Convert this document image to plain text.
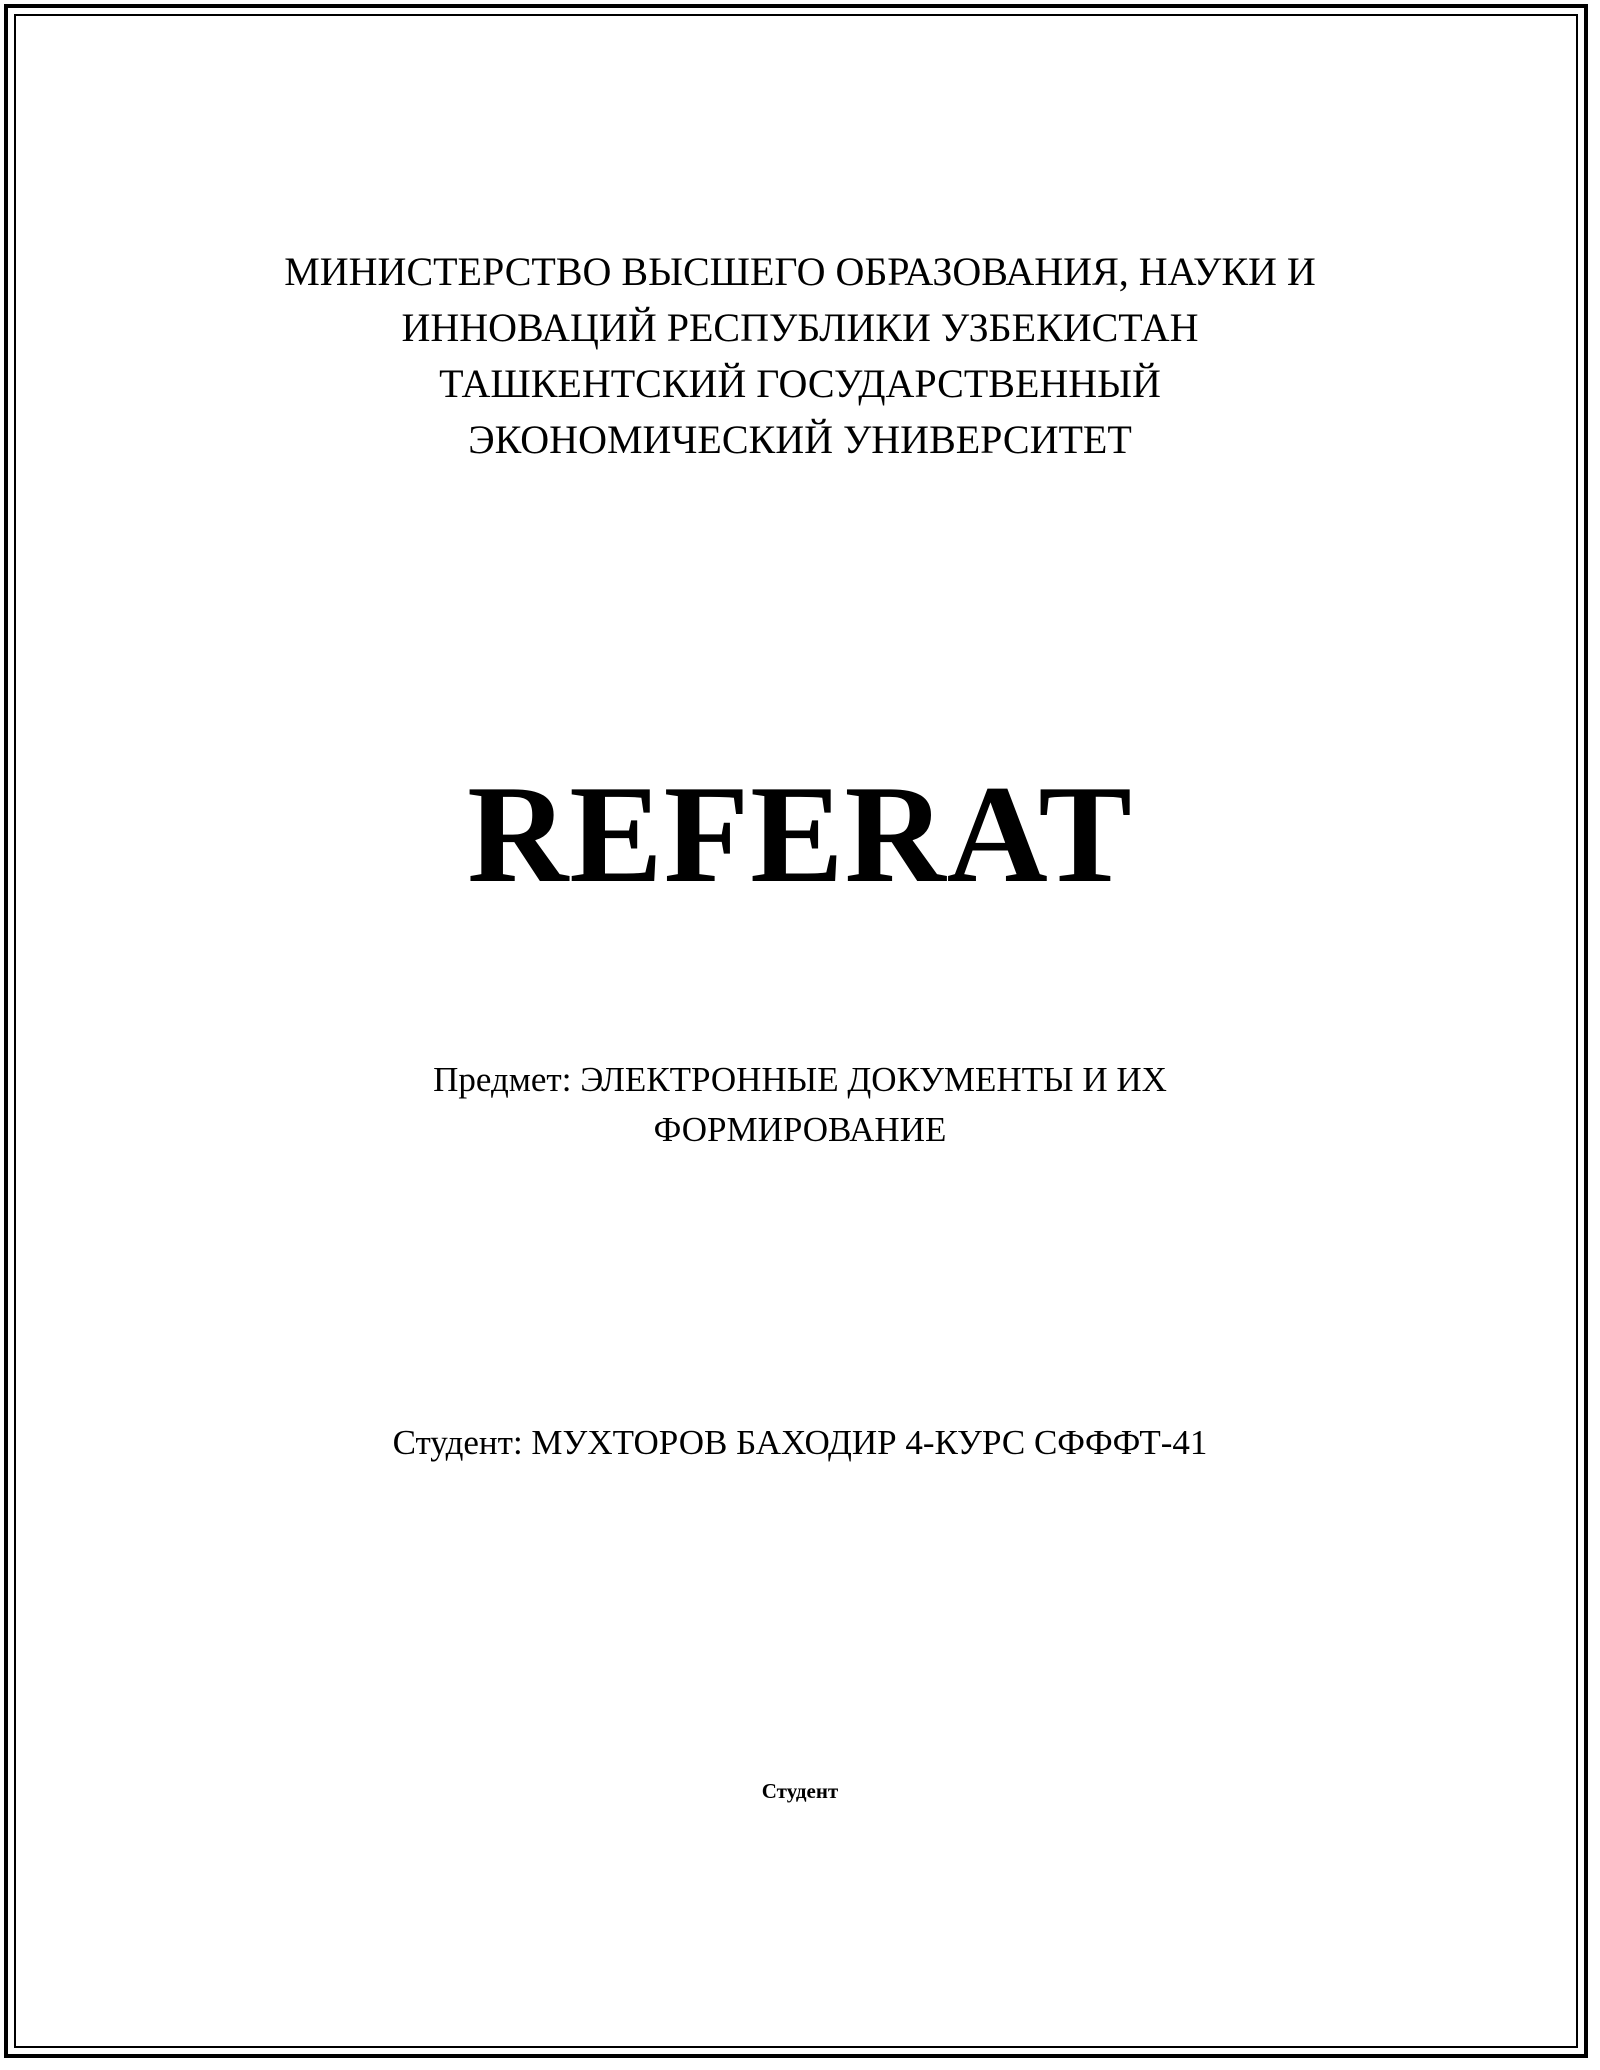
МИНИСТЕРСТВО ВЫСШЕГО ОБРАЗОВАНИЯ, НАУКИ И
ИННОВАЦИЙ РЕСПУБЛИКИ УЗБЕКИСТАН
ТАШКЕНТСКИЙ ГОСУДАРСТВЕННЫЙ
ЭКОНОМИЧЕСКИЙ УНИВЕРСИТЕТ
REFERAT
Предмет: ЭЛЕКТРОННЫЕ ДОКУМЕНТЫ И ИХ
ФОРМИРОВАНИЕ
Студент: МУХТОРОВ БАХОДИР 4-КУРС СФФФТ-41
Студент
